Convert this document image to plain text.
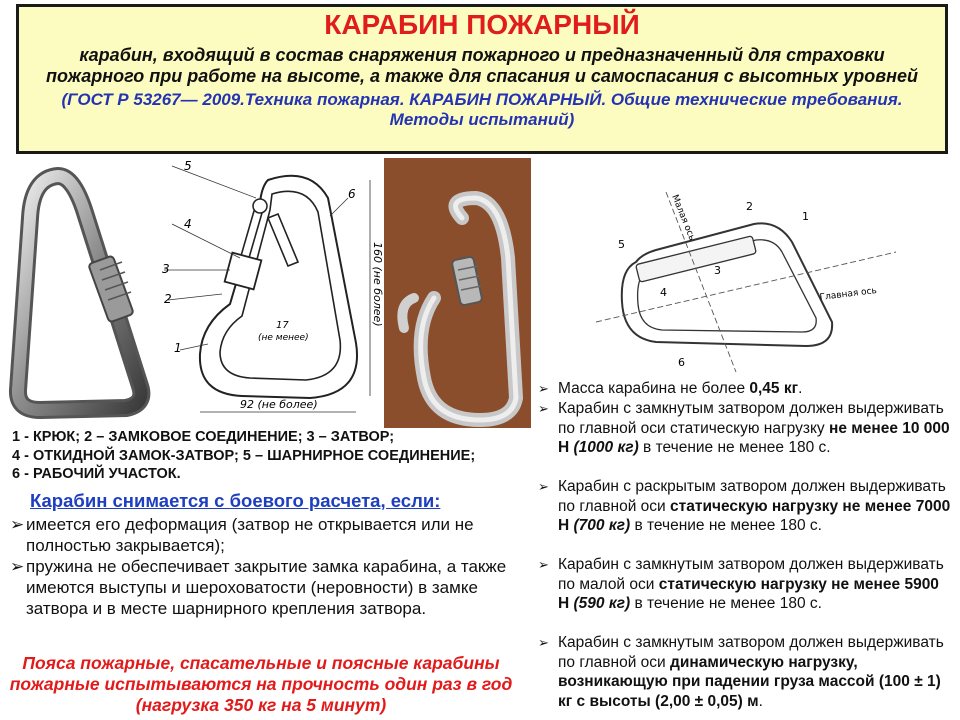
КАРАБИН ПОЖАРНЫЙ
карабин, входящий в состав снаряжения пожарного и предназначенный для страховки пожарного при работе на высоте, а также для спасания и самоспасания с высотных уровней
(ГОСТ Р 53267— 2009.Техника пожарная. КАРАБИН ПОЖАРНЫЙ. Общие технические требования. Методы испытаний)
5
4
3
2
1
6
160 (не более)
92 (не более)
17
(не менее)
Малая ось
Главная ось
1
2
3
4
5
6
1 - КРЮК; 2 – ЗАМКОВОЕ СОЕДИНЕНИЕ; 3 – ЗАТВОР;
4 - ОТКИДНОЙ ЗАМОК-ЗАТВОР; 5 – ШАРНИРНОЕ СОЕДИНЕНИЕ;
6 - РАБОЧИЙ УЧАСТОК.
Карабин снимается с боевого расчета, если:
➢ имеется его деформация (затвор не открывается или не полностью закрывается);
➢ пружина не обеспечивает закрытие замка карабина, а также имеются выступы и шероховатости (неровности) в замке затвора и в месте шарнирного крепления затвора.
Пояса пожарные, спасательные и поясные карабины пожарные испытываются на прочность один раз в год (нагрузка 350 кг на 5 минут)
➢ Масса карабина не более 0,45 кг.
➢ Карабин с замкнутым затвором должен выдерживать по главной оси статическую нагрузку не менее 10 000 Н (1000 кг) в течение не менее 180 с.
➢ Карабин с раскрытым затвором должен выдерживать по главной оси статическую нагрузку не менее 7000 Н (700 кг) в течение не менее 180 с.
➢ Карабин с замкнутым затвором должен выдерживать по малой оси статическую нагрузку не менее 5900 Н (590 кг) в течение не менее 180 с.
➢ Карабин с замкнутым затвором должен выдерживать по главной оси динамическую нагрузку, возникающую при падении груза массой (100 ± 1) кг с высоты (2,00 ± 0,05) м.
